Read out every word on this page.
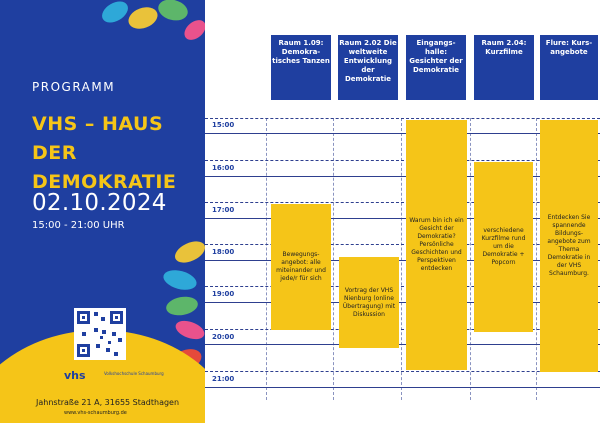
PROGRAMM
VHS – HAUS DER DEMOKRATIE
02.10.2024
15:00 - 21:00 UHR
vhs	Volkshochschule Schaumburg
Jahnstraße 21 A, 31655 Stadthagen
www.vhs-schaumburg.de
15:00
16:00
17:00
18:00
19:00
20:00
21:00
Raum 1.09: Demokra-tisches Tanzen
Raum 2.02 Die weltweite Entwicklung der Demokratie
Eingangs-halle: Gesichter der Demokratie
Raum 2.04: Kurzfilme
Flure: Kurs-angebote
Bewegungs-angebot: alle miteinander und jede/r für sich
Vortrag der VHS Nienburg (online Übertragung) mit Diskussion
Warum bin ich ein Gesicht der Demokratie? Persönliche Geschichten und Perspektiven entdecken
verschiedene Kurzfilme rund um die Demokratie + Popcorn
Entdecken Sie spannende Bildungs-angebote zum Thema Demokratie in der VHS Schaumburg.
